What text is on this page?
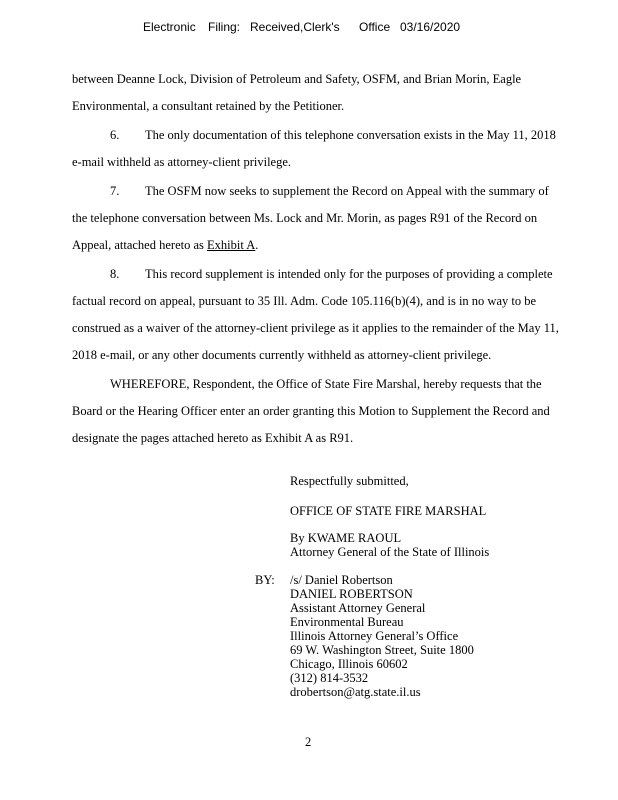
Electronic Filing: Received,Clerk's Office 03/16/2020
between Deanne Lock, Division of Petroleum and Safety, OSFM, and Brian Morin, Eagle
Environmental, a consultant retained by the Petitioner.
6. The only documentation of this telephone conversation exists in the May 11, 2018
e-mail withheld as attorney-client privilege.
7. The OSFM now seeks to supplement the Record on Appeal with the summary of
the telephone conversation between Ms. Lock and Mr. Morin, as pages R91 of the Record on
Appeal, attached hereto as Exhibit A.
8. This record supplement is intended only for the purposes of providing a complete
factual record on appeal, pursuant to 35 Ill. Adm. Code 105.116(b)(4), and is in no way to be
construed as a waiver of the attorney-client privilege as it applies to the remainder of the May 11,
2018 e-mail, or any other documents currently withheld as attorney-client privilege.
WHEREFORE, Respondent, the Office of State Fire Marshal, hereby requests that the
Board or the Hearing Officer enter an order granting this Motion to Supplement the Record and
designate the pages attached hereto as Exhibit A as R91.
Respectfully submitted,
OFFICE OF STATE FIRE MARSHAL
By KWAME RAOUL
Attorney General of the State of Illinois
BY: /s/ Daniel Robertson
DANIEL ROBERTSON
Assistant Attorney General
Environmental Bureau
Illinois Attorney General’s Office
69 W. Washington Street, Suite 1800
Chicago, Illinois 60602
(312) 814-3532
drobertson@atg.state.il.us
2
